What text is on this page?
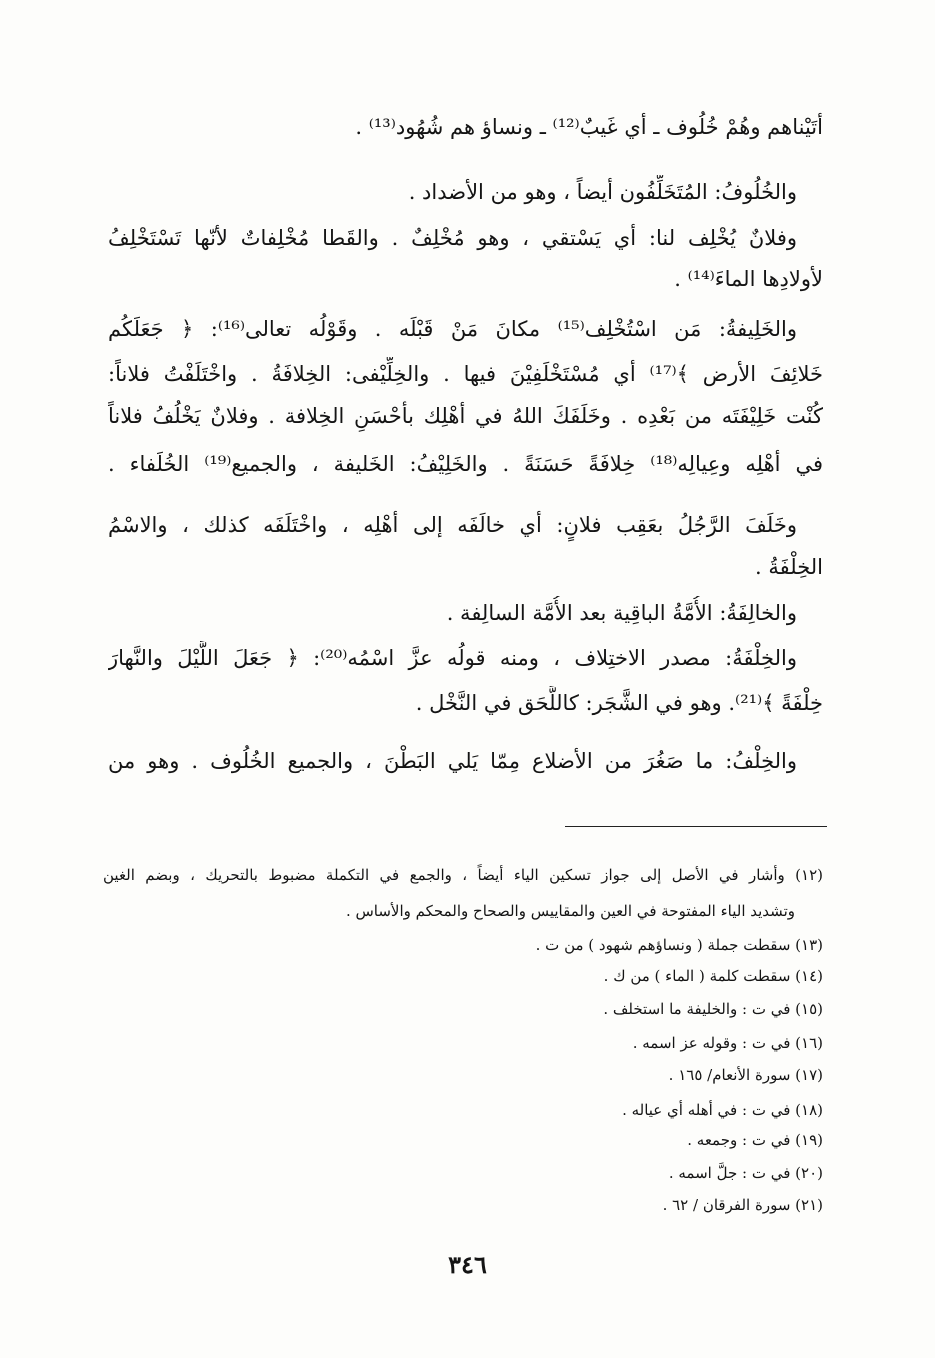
أتَيْناهم وهُمْ خُلُوف ـ أي غَيبٌ⁽¹²⁾ ـ ونساؤ هم شُهُود⁽¹³⁾ .
والخُلُوفُ: المُتَخَلِّفُون أيضاً ، وهو من الأضداد .
وفلانٌ يُخْلِف لنا: أي يَسْتقي ، وهو مُخْلِفٌ . والقَطا مُخْلِفاتٌ لأنّها تَسْتَخْلِفُ
لأولادِها الماءَ⁽¹⁴⁾ .
والخَلِيفةُ: مَن اسْتُخْلِف⁽¹⁵⁾ مكانَ مَنْ قَبْلَه . وقَوْلُه تعالى⁽¹⁶⁾: ﴿ جَعَلَكُم
خَلائِفَ الأرض ﴾⁽¹⁷⁾ أي مُسْتَخْلَفِيْنَ فيها . والخِلِّيْفى: الخِلافَةُ . واخْتَلَفْتُ فلاناً:
كُنْت خَلِيْفَتَه من بَعْدِه . وخَلَفَكَ اللهُ في أهْلِك بأحْسَنِ الخِلافة . وفلانٌ يَخْلُفُ فلاناً
في أهْلِه وعِيالِه⁽¹⁸⁾ خِلافَةً حَسَنَةً . والخَلِيْفُ: الخَليفة ، والجميع⁽¹⁹⁾ الخُلَفاء .
وخَلَفَ الرَّجُلُ بعَقِب فلانٍ: أي خالَفَه إلى أهْلِه ، واخْتَلَفَه كذلك ، والاسْمُ
الخِلْفَةُ .
والخالِفَةُ: الأُمَّةُ الباقِية بعد الأُمَّة السالِفة .
والخِلْفَةُ: مصدر الاختِلاف ، ومنه قولُه عزَّ اسْمُه⁽²⁰⁾: ﴿ جَعَلَ اللَّيْلَ والنَّهارَ
خِلْفَةً ﴾⁽²¹⁾. وهو في الشَّجَر: كاللَّحَق في النَّخْل .
والخِلْفُ: ما صَغُرَ من الأضلاع مِمّا يَلي البَطْنَ ، والجميع الخُلُوف . وهو من
(١٢) وأشار في الأصل إلى جواز تسكين الياء أيضاً ، والجمع في التكملة مضبوط بالتحريك ، وبضم الغين
وتشديد الياء المفتوحة في العين والمقاييس والصحاح والمحكم والأساس .
(١٣) سقطت جملة ( ونساؤهم شهود ) من ت .
(١٤) سقطت كلمة ( الماء ) من ك .
(١٥) في ت : والخليفة ما استخلف .
(١٦) في ت : وقوله عز اسمه .
(١٧) سورة الأنعام/ ١٦٥ .
(١٨) في ت : في أهله أي عياله .
(١٩) في ت : وجمعه .
(٢٠) في ت : جلَّ اسمه .
(٢١) سورة الفرقان / ٦٢ .
٣٤٦
